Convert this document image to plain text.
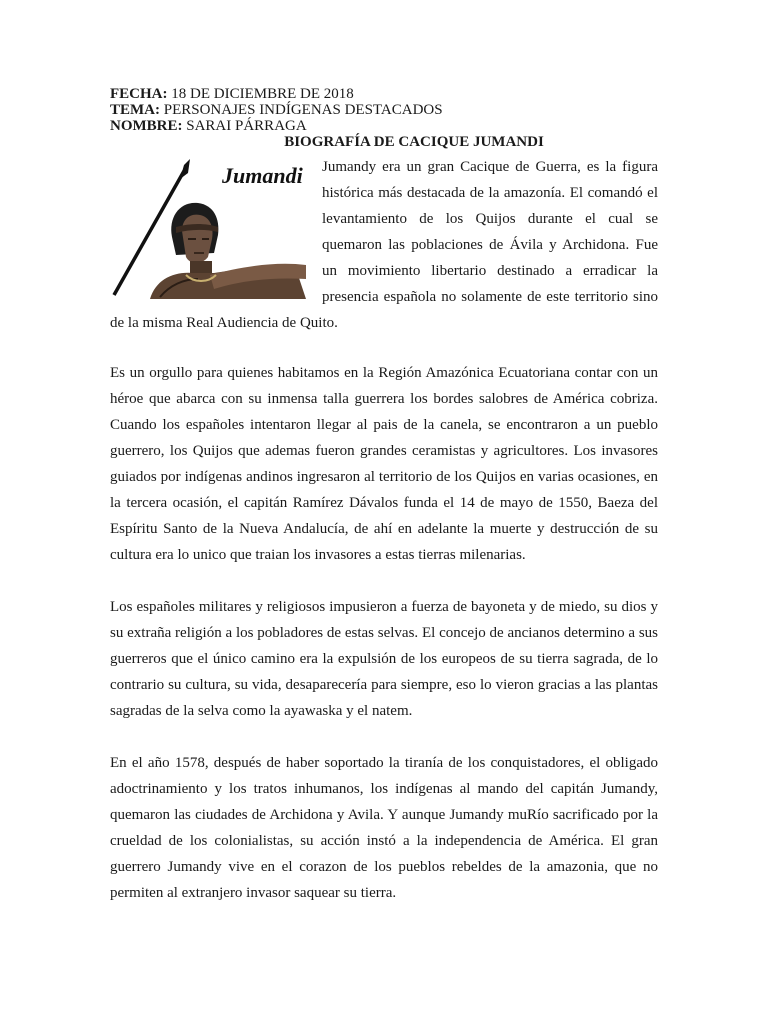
FECHA: 18 DE DICIEMBRE DE 2018

TEMA: PERSONAJES INDÍGENAS DESTACADOS

NOMBRE: SARAI PÁRRAGA

BIOGRAFÍA DE CACIQUE JUMANDI

Jumandi	Jumandy era un gran Cacique de Guerra, es la figura histórica más destacada de la amazonía. El comandó el levantamiento de los Quijos durante el cual se quemaron las poblaciones de Ávila y Archidona. Fue un movimiento libertario destinado a erradicar la presencia española no solamente de este territorio sino de la misma Real Audiencia de Quito.

Es un orgullo para quienes habitamos en la Región Amazónica Ecuatoriana contar con un héroe que abarca con su inmensa talla guerrera los bordes salobres de América cobriza. Cuando los españoles intentaron llegar al pais de la canela, se encontraron a un pueblo guerrero, los Quijos que ademas fueron grandes ceramistas y agricultores. Los invasores guiados por indígenas andinos ingresaron al territorio de los Quijos en varias ocasiones, en la tercera ocasión, el capitán Ramírez Dávalos funda el 14 de mayo de 1550, Baeza del Espíritu Santo de la Nueva Andalucía, de ahí en adelante la muerte y destrucción de su cultura era lo unico que traian los invasores a estas tierras milenarias.

Los españoles militares y religiosos impusieron a fuerza de bayoneta y de miedo, su dios y su extraña religión a los pobladores de estas selvas. El concejo de ancianos determino a sus guerreros que el único camino era la expulsión de los europeos de su tierra sagrada, de lo contrario su cultura, su vida, desaparecería para siempre, eso lo vieron gracias a las plantas sagradas de la selva como la ayawaska y el natem.

En el año 1578, después de haber soportado la tiranía de los conquistadores, el obligado adoctrinamiento y los tratos inhumanos, los indígenas al mando del capitán Jumandy, quemaron las ciudades de Archidona y Avila. Y aunque Jumandy muRío sacrificado por la crueldad de los colonialistas, su acción instó a la independencia de América. El gran guerrero Jumandy vive en el corazon de los pueblos rebeldes de la amazonia, que no permiten al extranjero invasor saquear su tierra.
